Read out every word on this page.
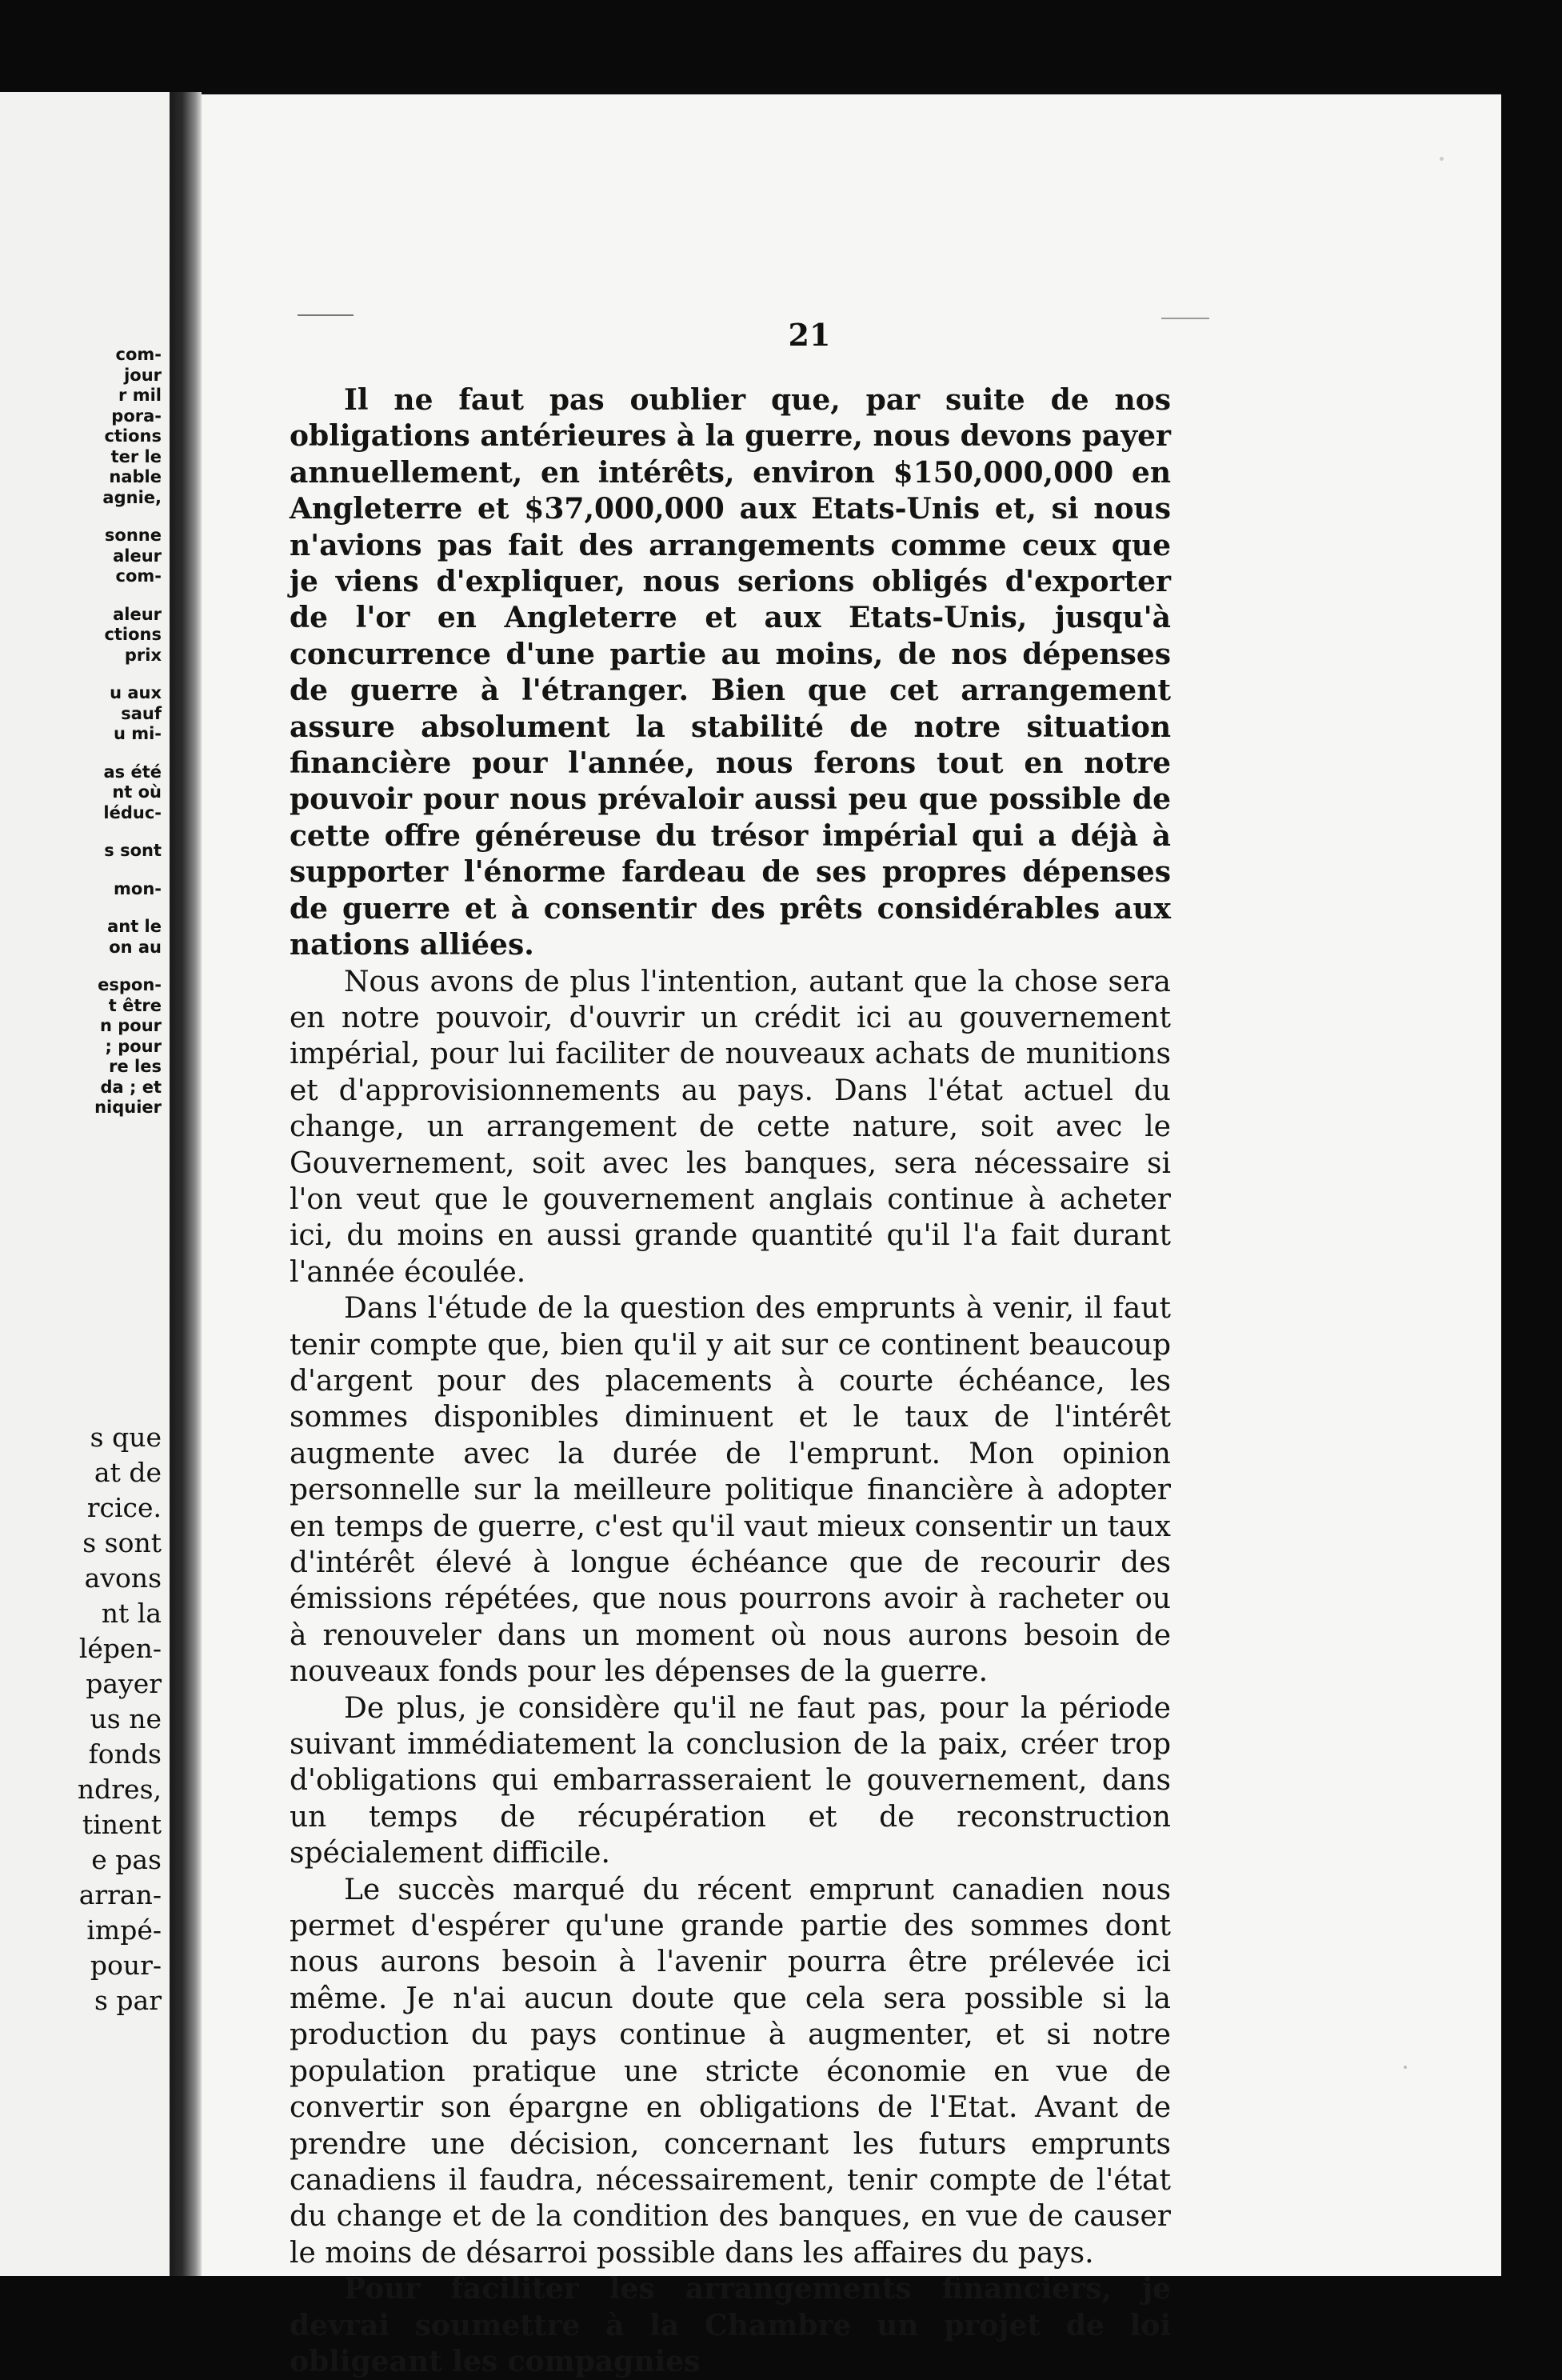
com-

jour

r mil

pora-

ctions

ter le

nable

agnie,

sonne

aleur

com-

aleur

ctions

prix

u aux

sauf

u mi-

as été

nt où

léduc-

s sont

mon-

ant le

on au

espon-

t être

n pour

; pour

re les

da ; et

niquier

s que

at de

rcice.

s sont

avons

nt la

lépen-

payer

us ne

fonds

ndres,

tinent

e pas

arran-

impé-

pour-

s par

21

Il ne faut pas oublier que, par suite de nos obligations antérieures à la guerre, nous devons payer annuellement, en intérêts, environ $150,000,000 en Angleterre et $37,000,000 aux Etats-Unis et, si nous n'avions pas fait des arrangements comme ceux que je viens d'expliquer, nous serions obligés d'exporter de l'or en Angleterre et aux Etats-Unis, jusqu'à concurrence d'une partie au moins, de nos dépenses de guerre à l'étranger. Bien que cet arrangement assure absolument la stabilité de notre situation financière pour l'année, nous ferons tout en notre pouvoir pour nous prévaloir aussi peu que possible de cette offre généreuse du trésor impérial qui a déjà à supporter l'énorme fardeau de ses propres dépenses de guerre et à consentir des prêts considérables aux nations alliées.

Nous avons de plus l'intention, autant que la chose sera en notre pouvoir, d'ouvrir un crédit ici au gouvernement impérial, pour lui faciliter de nouveaux achats de munitions et d'approvisionnements au pays. Dans l'état actuel du change, un arrangement de cette nature, soit avec le Gouvernement, soit avec les banques, sera nécessaire si l'on veut que le gouvernement anglais continue à acheter ici, du moins en aussi grande quantité qu'il l'a fait durant l'année écoulée.

Dans l'étude de la question des emprunts à venir, il faut tenir compte que, bien qu'il y ait sur ce continent beaucoup d'argent pour des placements à courte échéance, les sommes disponibles diminuent et le taux de l'intérêt augmente avec la durée de l'emprunt. Mon opinion personnelle sur la meilleure politique financière à adopter en temps de guerre, c'est qu'il vaut mieux consentir un taux d'intérêt élevé à longue échéance que de recourir des émissions répétées, que nous pourrons avoir à racheter ou à renouveler dans un moment où nous aurons besoin de nouveaux fonds pour les dépenses de la guerre.

De plus, je considère qu'il ne faut pas, pour la période suivant immédiatement la conclusion de la paix, créer trop d'obligations qui embarrasseraient le gouvernement, dans un temps de récupération et de reconstruction spécialement difficile.

Le succès marqué du récent emprunt canadien nous permet d'espérer qu'une grande partie des sommes dont nous aurons besoin à l'avenir pourra être prélevée ici même. Je n'ai aucun doute que cela sera possible si la production du pays continue à augmenter, et si notre population pratique une stricte économie en vue de convertir son épargne en obligations de l'Etat. Avant de prendre une décision, concernant les futurs emprunts canadiens il faudra, nécessairement, tenir compte de l'état du change et de la condition des banques, en vue de causer le moins de désarroi possible dans les affaires du pays.

Pour faciliter les arrangements financiers, je devrai soumettre à la Chambre un projet de loi obligeant les compagnies
